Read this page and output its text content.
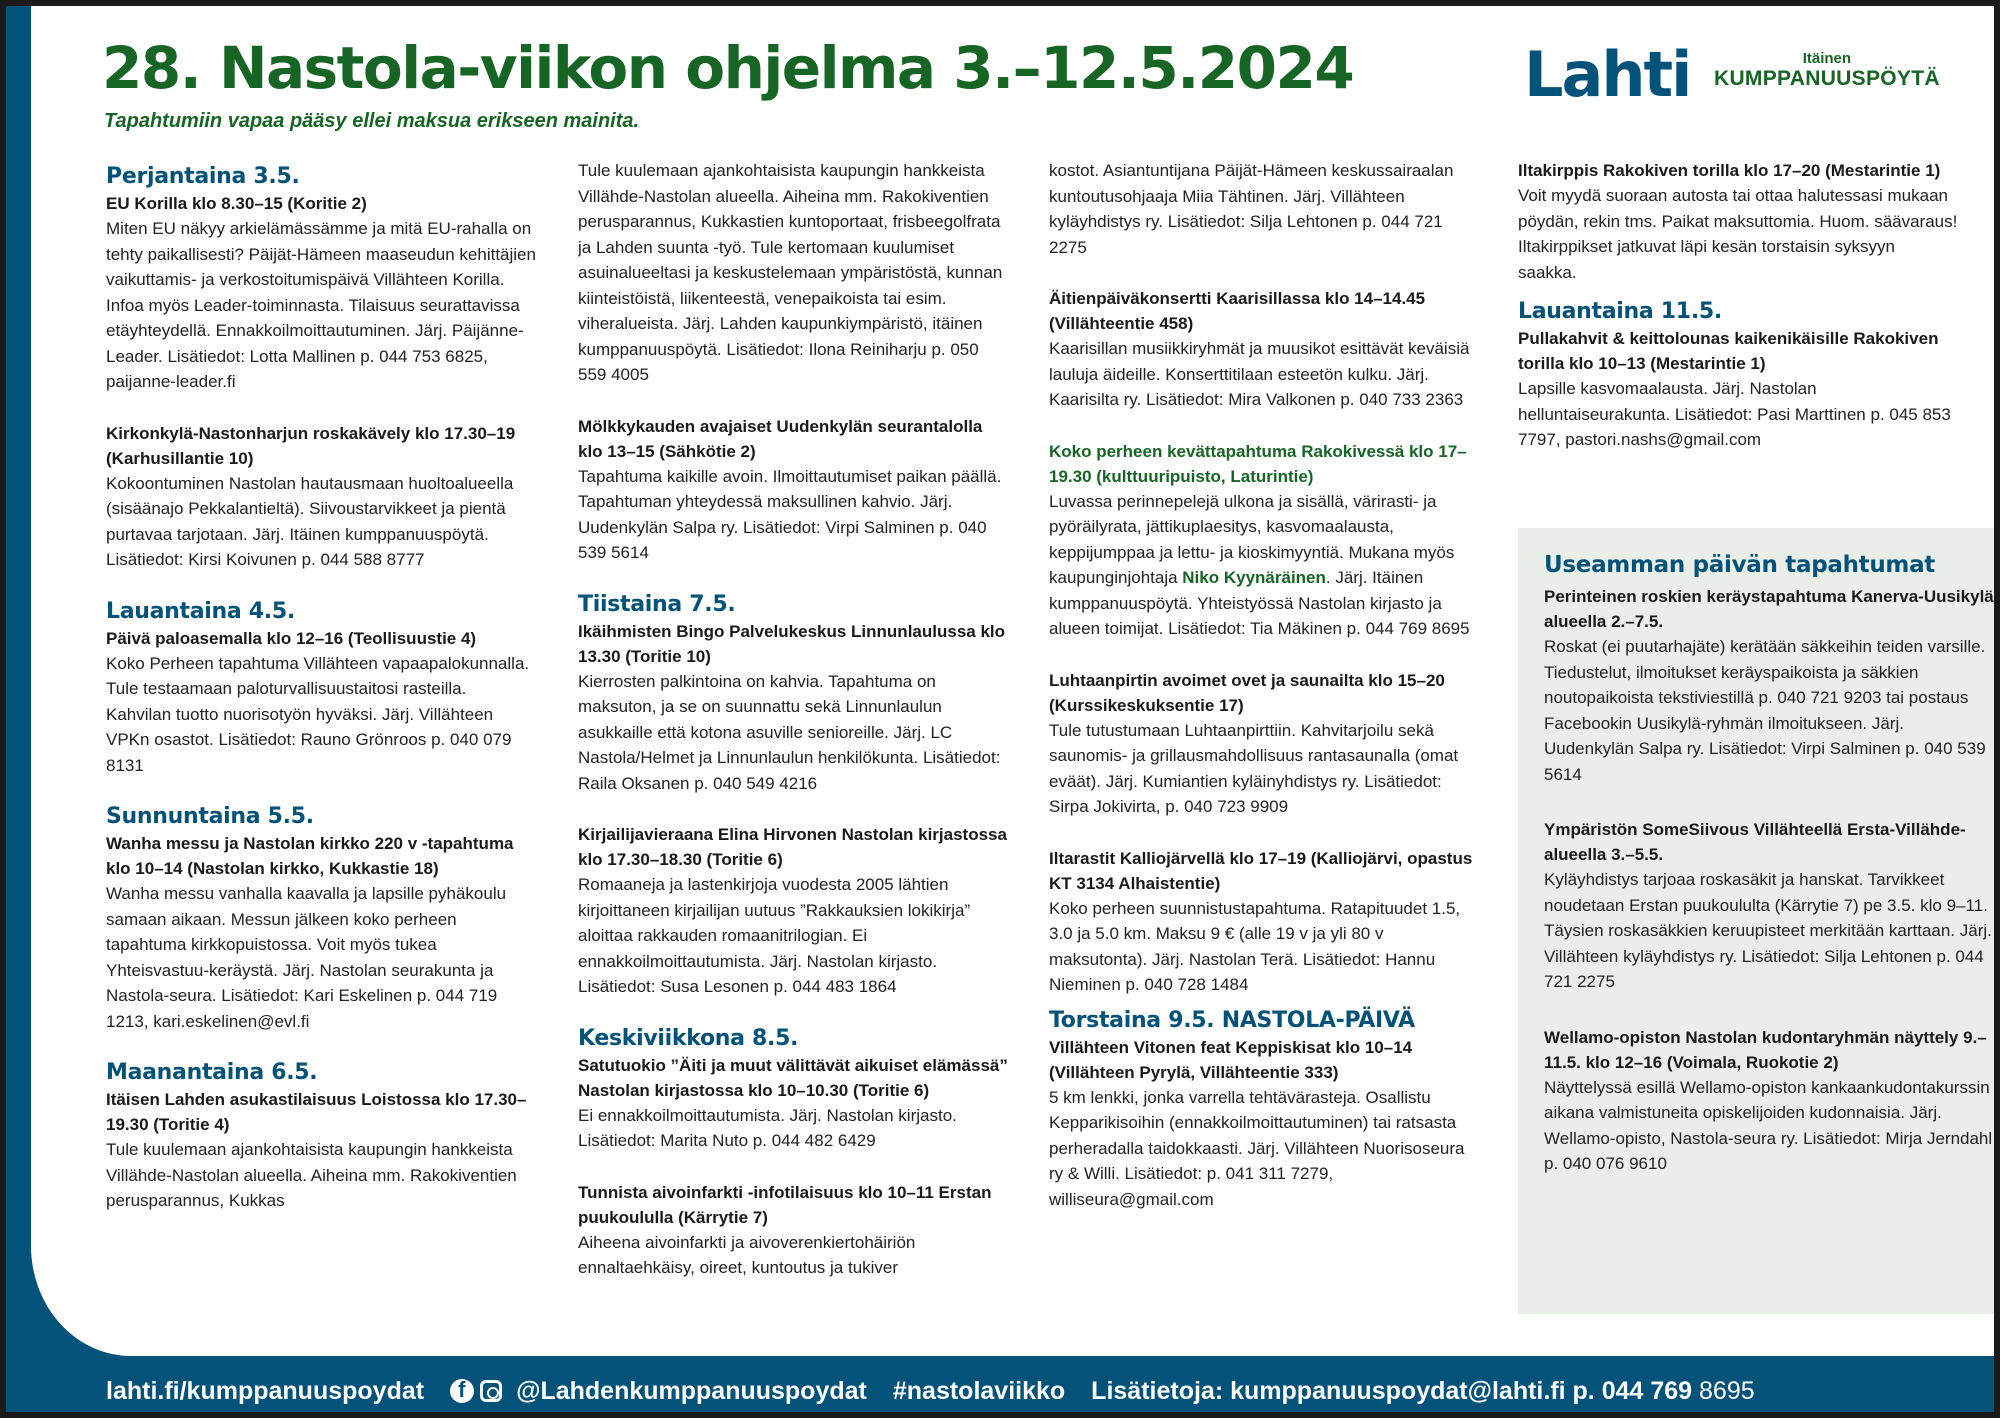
28. Nastola-viikon ohjelma 3.–12.5.2024

Tapahtumiin vapaa pääsy ellei maksua erikseen mainita.

Lahti	Itäinen
KUMPPANUUSPÖYTÄ
Perjantaina 3.5.
EU Korilla klo 8.30–15 (Koritie 2)
Miten EU näkyy arkielämässämme ja mitä EU-rahalla on tehty paikallisesti? Päijät-Hämeen maaseudun kehittäjien vaikuttamis- ja verkostoitumispäivä Villähteen Korilla. Infoa myös Leader-toiminnasta. Tilaisuus seurattavissa etäyhteydellä. Ennakkoilmoittautuminen. Järj. Päijänne-Leader. Lisätiedot: Lotta Mallinen p. 044 753 6825, paijanne-leader.fi
Kirkonkylä-Nastonharjun roskakävely klo 17.30–19 (Karhusillantie 10)
Kokoontuminen Nastolan hautausmaan huoltoalueella (sisäänajo Pekkalantieltä). Siivoustarvikkeet ja pientä purtavaa tarjotaan. Järj. Itäinen kumppanuuspöytä. Lisätiedot: Kirsi Koivunen p. 044 588 8777
Lauantaina 4.5.
Päivä paloasemalla klo 12–16 (Teollisuustie 4)
Koko Perheen tapahtuma Villähteen vapaapalokunnalla. Tule testaamaan paloturvallisuustaitosi rasteilla. Kahvilan tuotto nuorisotyön hyväksi. Järj. Villähteen VPKn osastot. Lisätiedot: Rauno Grönroos p. 040 079 8131
Sunnuntaina 5.5.
Wanha messu ja Nastolan kirkko 220 v -tapahtuma klo 10–14 (Nastolan kirkko, Kukkastie 18)
Wanha messu vanhalla kaavalla ja lapsille pyhäkoulu samaan aikaan. Messun jälkeen koko perheen tapahtuma kirkkopuistossa. Voit myös tukea Yhteisvastuu-keräystä. Järj. Nastolan seurakunta ja Nastola-seura. Lisätiedot: Kari Eskelinen p. 044 719 1213, kari.eskelinen@evl.fi
Maanantaina 6.5.
Itäisen Lahden asukastilaisuus Loistossa klo 17.30–19.30 (Toritie 4)
Tule kuulemaan ajankohtaisista kaupungin hankkeista Villähde-Nastolan alueella. Aiheina mm. Rakokiventien perusparannus, Kukkas
Tule kuulemaan ajankohtaisista kaupungin hankkeista Villähde-Nastolan alueella. Aiheina mm. Rakokiventien perusparannus, Kukkastien kuntoportaat, frisbeegolfrata ja Lahden suunta -työ. Tule kertomaan kuulumiset asuinalueeltasi ja keskustelemaan ympäristöstä, kunnan kiinteistöistä, liikenteestä, venepaikoista tai esim. viheralueista. Järj. Lahden kaupunkiympäristö, itäinen kumppanuuspöytä. Lisätiedot: Ilona Reiniharju p. 050 559 4005
Mölkkykauden avajaiset Uudenkylän seurantalolla klo 13–15 (Sähkötie 2)
Tapahtuma kaikille avoin. Ilmoittautumiset paikan päällä. Tapahtuman yhteydessä maksullinen kahvio. Järj. Uudenkylän Salpa ry. Lisätiedot: Virpi Salminen p. 040 539 5614
Tiistaina 7.5.
Ikäihmisten Bingo Palvelukeskus Linnunlaulussa klo 13.30 (Toritie 10)
Kierrosten palkintoina on kahvia. Tapahtuma on maksuton, ja se on suunnattu sekä Linnunlaulun asukkaille että kotona asuville senioreille. Järj. LC Nastola/Helmet ja Linnunlaulun henkilökunta. Lisätiedot: Raila Oksanen p. 040 549 4216
Kirjailijavieraana Elina Hirvonen Nastolan kirjastossa klo 17.30–18.30 (Toritie 6)
Romaaneja ja lastenkirjoja vuodesta 2005 lähtien kirjoittaneen kirjailijan uutuus ”Rakkauksien lokikirja” aloittaa rakkauden romaanitrilogian. Ei ennakkoilmoittautumista. Järj. Nastolan kirjasto. Lisätiedot: Susa Lesonen p. 044 483 1864
Keskiviikkona 8.5.
Satutuokio ”Äiti ja muut välittävät aikuiset elämässä” Nastolan kirjastossa klo 10–10.30 (Toritie 6)
Ei ennakkoilmoittautumista. Järj. Nastolan kirjasto. Lisätiedot: Marita Nuto p. 044 482 6429
Tunnista aivoinfarkti -infotilaisuus klo 10–11 Erstan puukoululla (Kärrytie 7)
Aiheena aivoinfarkti ja aivoverenkiertohäiriön ennaltaehkäisy, oireet, kuntoutus ja tukiver
kostot. Asiantuntijana Päijät-Hämeen keskussairaalan kuntoutusohjaaja Miia Tähtinen. Järj. Villähteen kyläyhdistys ry. Lisätiedot: Silja Lehtonen p. 044 721 2275
Äitienpäiväkonsertti Kaarisillassa klo 14–14.45 (Villähteentie 458)
Kaarisillan musiikkiryhmät ja muusikot esittävät keväisiä lauluja äideille. Konserttitilaan esteetön kulku. Järj. Kaarisilta ry. Lisätiedot: Mira Valkonen p. 040 733 2363
Koko perheen kevättapahtuma Rakokivessä klo 17–19.30 (kulttuuripuisto, Laturintie)
Luvassa perinnepelejä ulkona ja sisällä, värirasti- ja pyöräilyrata, jättikuplaesitys, kasvomaalausta, keppijumppaa ja lettu- ja kioskimyyntiä. Mukana myös kaupunginjohtaja Niko Kyynäräinen. Järj. Itäinen kumppanuuspöytä. Yhteistyössä Nastolan kirjasto ja alueen toimijat. Lisätiedot: Tia Mäkinen p. 044 769 8695
Luhtaanpirtin avoimet ovet ja saunailta klo 15–20 (Kurssikeskuksentie 17)
Tule tutustumaan Luhtaanpirttiin. Kahvitarjoilu sekä saunomis- ja grillausmahdollisuus rantasaunalla (omat eväät). Järj. Kumiantien kyläinyhdistys ry. Lisätiedot: Sirpa Jokivirta, p. 040 723 9909
Iltarastit Kalliojärvellä klo 17–19 (Kalliojärvi, opastus KT 3134 Alhaistentie)
Koko perheen suunnistustapahtuma. Ratapituudet 1.5, 3.0 ja 5.0 km. Maksu 9 € (alle 19 v ja yli 80 v maksutonta). Järj. Nastolan Terä. Lisätiedot: Hannu Nieminen p. 040 728 1484
Torstaina 9.5. NASTOLA-PÄIVÄ
Villähteen Vitonen feat Keppiskisat klo 10–14 (Villähteen Pyrylä, Villähteentie 333)
5 km lenkki, jonka varrella tehtävärasteja. Osallistu Kepparikisoihin (ennakkoilmoittautuminen) tai ratsasta perheradalla taidokkaasti. Järj. Villähteen Nuorisoseura ry & Willi. Lisätiedot: p. 041 311 7279, williseura@gmail.com
Iltakirppis Rakokiven torilla klo 17–20 (Mestarintie 1)
Voit myydä suoraan autosta tai ottaa halutessasi mukaan pöydän, rekin tms. Paikat maksuttomia. Huom. säävaraus! Iltakirppikset jatkuvat läpi kesän torstaisin syksyyn saakka.
Lauantaina 11.5.
Pullakahvit & keittolounas kaikenikäisille Rakokiven torilla klo 10–13 (Mestarintie 1)
Lapsille kasvomaalausta. Järj. Nastolan helluntaiseurakunta. Lisätiedot: Pasi Marttinen p. 045 853 7797, pastori.nashs@gmail.com
Useamman päivän tapahtumat
Perinteinen roskien keräystapahtuma Kanerva-Uusikylä alueella 2.–7.5.
Roskat (ei puutarhajäte) kerätään säkkeihin teiden varsille. Tiedustelut, ilmoitukset keräyspaikoista ja säkkien noutopaikoista tekstiviestillä p. 040 721 9203 tai postaus Facebookin Uusikylä-ryhmän ilmoitukseen. Järj. Uudenkylän Salpa ry. Lisätiedot: Virpi Salminen p. 040 539 5614
Ympäristön SomeSiivous Villähteellä Ersta-Villähde-alueella 3.–5.5.
Kyläyhdistys tarjoaa roskasäkit ja hanskat. Tarvikkeet noudetaan Erstan puukoululta (Kärrytie 7) pe 3.5. klo 9–11. Täysien roskasäkkien keruupisteet merkitään karttaan. Järj. Villähteen kyläyhdistys ry. Lisätiedot: Silja Lehtonen p. 044 721 2275
Wellamo-opiston Nastolan kudontaryhmän näyttely 9.–11.5. klo 12–16 (Voimala, Ruokotie 2)
Näyttelyssä esillä Wellamo-opiston kankaankudontakurssin aikana valmistuneita opiskelijoiden kudonnaisia. Järj. Wellamo-opisto, Nastola-seura ry. Lisätiedot: Mirja Jerndahl p. 040 076 9610
lahti.fi/kumppanuuspoydat f	@Lahdenkumppanuuspoydat #nastolaviikko Lisätietoja: kumppanuuspoydat@lahti.fi p. 044 769
8695
